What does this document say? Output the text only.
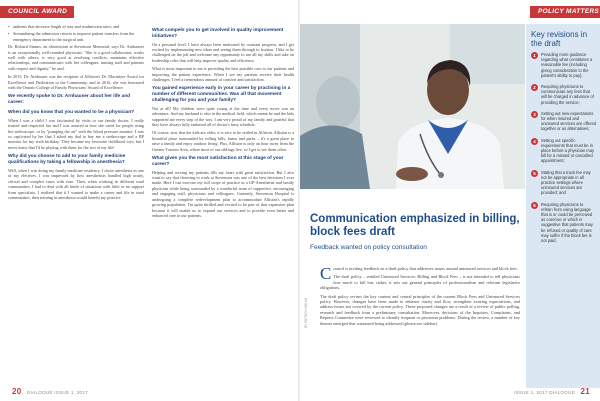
COUNCIL AWARD
• anthems that decrease length of stay and readmission rates; and
• Streamlining the admission criteria to improve patient transfers from the emergency department to the surgical unit.

Dr. Richard Simms, an obstetrician at Stevenson Memorial, says Dr. Arnhauser is an exceptionally well-rounded physician. "She is a good collaborator, works well with others, is very good at resolving conflicts, maintains effective relationships, and communicates with her colleagues, nursing staff and patients with respect and dignity," he said.

In 2015, Dr. Arnhauser was the recipient of Alliston's Dr. Macintyre Award for Excellence and Dedication to the Community, and in 2016, she was honoured with the Ontario College of Family Physicians' Award of Excellence.

We recently spoke to Dr. Arnhauser about her life and career:
When did you know that you wanted to be a physician?

When I was a child I was fascinated by visits to our family doctor. I really trusted and respected her and I was assured at how she cared for people using her stethoscope, or by "pumping the air" with the blood pressure monitor. I was so captivated by her that I asked my dad to buy me a stethoscope and a BP monitor for my sixth birthday. They became my favourite childhood toys, but I never knew that I'd be playing with them for the rest of my life!

Why did you choose to add to your family medicine qualifications by taking a fellowship in anesthesia?

Well, when I was doing my family medicine residency, I chose anesthesia as one of my electives. I was impressed by how anesthetists handled high acuity, critical and complex cases with ease. Then, when working in different rural communities, I had to deal with all kinds of situations with little or no support from specialists. I realized that if I wanted to make a career and life in rural communities, then training in anesthesia would benefit my practice.

What compels you to get involved in quality improvement initiatives?

On a personal level, I have always been motivated by constant progress, and I get excited by implementing new ideas and seeing them through to fruition. I like to be challenged on the job and welcome any opportunity to use all my skills and take on leadership roles that will help improve quality and efficiency.

What is most important to me is providing the best possible care to our patients and improving the patient experience. When I see my patients receive their health challenges, I feel a tremendous amount of comfort and satisfaction.

You gained experience early in your career by practising in a number of different communities. Was all that movement challenging for you and your family?

Not at all! My children were quite young at the time and every move was an adventure. And my husband is also in the medical field, which meant he and the kids supported me every step of the way. I am very proud of my family and grateful that they have always fully endorsed all of doctor's busy schedule.

Of course, now that the kids are older, it is nice to be settled in Alliston. Alliston is a beautiful place surrounded by rolling hills, farms and parks – it's a great place to raise a family and enjoy outdoor living. Plus, Alliston is only an hour away from the Greater Toronto Area, where most of our siblings live, so I get to see them often.

What gives you the most satisfaction at this stage of your career?

Helping and serving my patients fills my heart with great satisfaction. But I also want to say that choosing to work at Stevenson was one of the best decisions I ever made. Here I can exercise my full scope of practice as a GP-Anesthetist and family physician while being surrounded by a wonderful team of supportive, encouraging and engaging staff, physicians and colleagues. Currently, Stevenson Hospital is undergoing a complete redevelopment plan to accommodate Alliston's rapidly growing population. I'm quite thrilled and excited to be part of that expansion plan because it will enable us to expand our services and to provide even better and enhanced care to our patients.

20 DIALOGUE ISSUE 1, 2017
POLICY MATTERS
Key revisions in the draft
1	Providing more guidance regarding what constitutes a reasonable fee (including giving consideration to the patient's ability to pay);
2	Requiring physicians to communicate any fees that will be charged in advance of providing the service;
3	Setting out new expectations for when insured and uninsured services are offered together or as alternatives;
4	Setting out specific requirements that must be in place before a physician may bill for a missed or cancelled appointment;
5	Stating that a track fee may not be appropriate in all practice settings where uninsured services are provided; and
6	Requiring physicians to refrain from using language that is or could be perceived as coercive or which is suggestive that patients may be refused or quality of care may suffer if the block fee is not paid.
Communication emphasized in billing, block fees draft
Feedback wanted on policy consultation
BY PATRICK NOLAN

Council is inviting feedback on a draft policy that addresses issues around uninsured services and block fees.

The draft policy – entitled Uninsured Services: Billing and Block Fees – is not intended to tell physicians how much to bill but, rather, it sets out general principles of professionalism and relevant legislative obligations.

The draft policy revises the key content and central principles of the current Block Fees and Uninsured Services policy. However, changes have been made to enhance clarity and flow, strengthen existing expectations, and address issues not covered by the current policy. These proposed changes are a result of a review of public polling, research and feedback from a preliminary consultation. Moreover, decisions of the Inquiries, Complaints, and Reports Committee were reviewed to identify frequent or persistent problems. During the review, a number of key themes emerged that warranted being addressed (please see sidebar).

ISSUE 1, 2017 DIALOGUE 21
